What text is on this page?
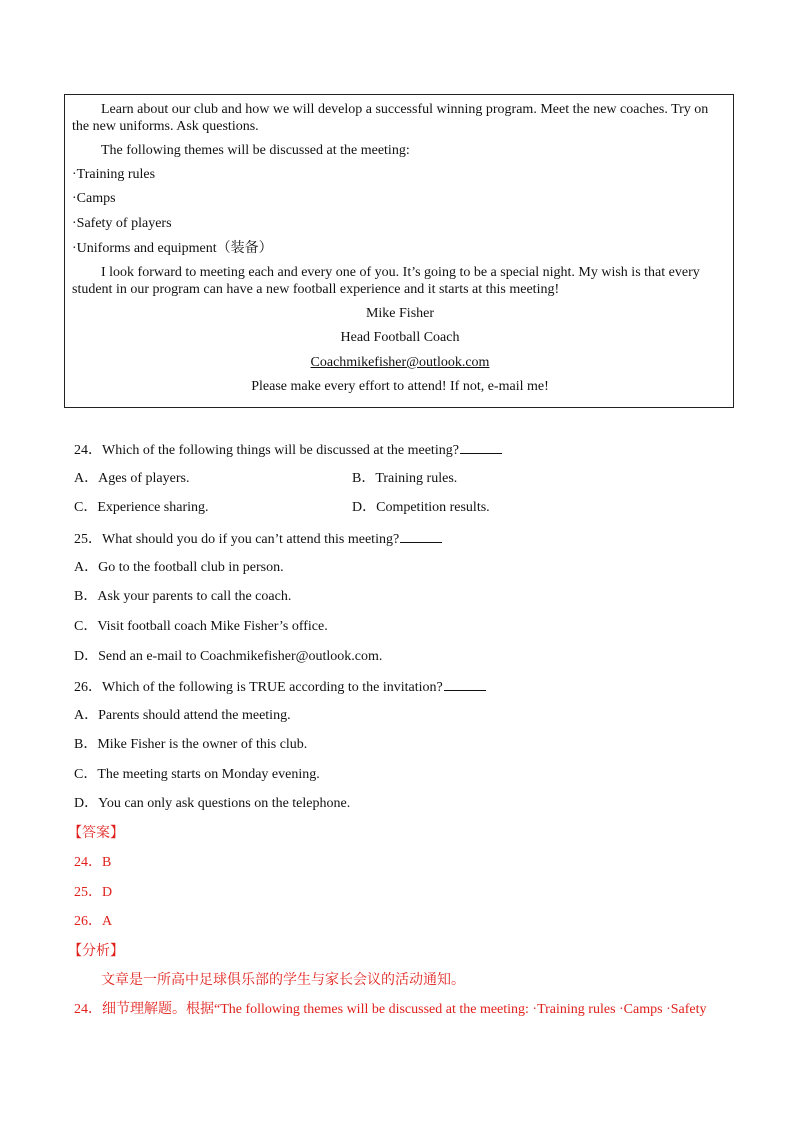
Learn about our club and how we will develop a successful winning program. Meet the new coaches. Try on
the new uniforms. Ask questions.
The following themes will be discussed at the meeting:
·Training rules
·Camps
·Safety of players
·Uniforms and equipment（装备）
I look forward to meeting each and every one of you. It’s going to be a special night. My wish is that every
student in our program can have a new football experience and it starts at this meeting!
Mike Fisher
Head Football Coach
Coachmikefisher@outlook.com
Please make every effort to attend! If not, e-mail me!
24．Which of the following things will be discussed at the meeting?
A．Ages of players.	B．Training rules.
C．Experience sharing.	D．Competition results.
25．What should you do if you can’t attend this meeting?
A．Go to the football club in person.
B．Ask your parents to call the coach.
C．Visit football coach Mike Fisher’s office.
D．Send an e-mail to Coachmikefisher@outlook.com.
26．Which of the following is TRUE according to the invitation?
A．Parents should attend the meeting.
B．Mike Fisher is the owner of this club.
C．The meeting starts on Monday evening.
D．You can only ask questions on the telephone.
【答案】
24．B
25．D
26．A
【分析】
文章是一所高中足球俱乐部的学生与家长会议的活动通知。
24．细节理解题。根据“The following themes will be discussed at the meeting: ·Training rules ·Camps ·Safety
